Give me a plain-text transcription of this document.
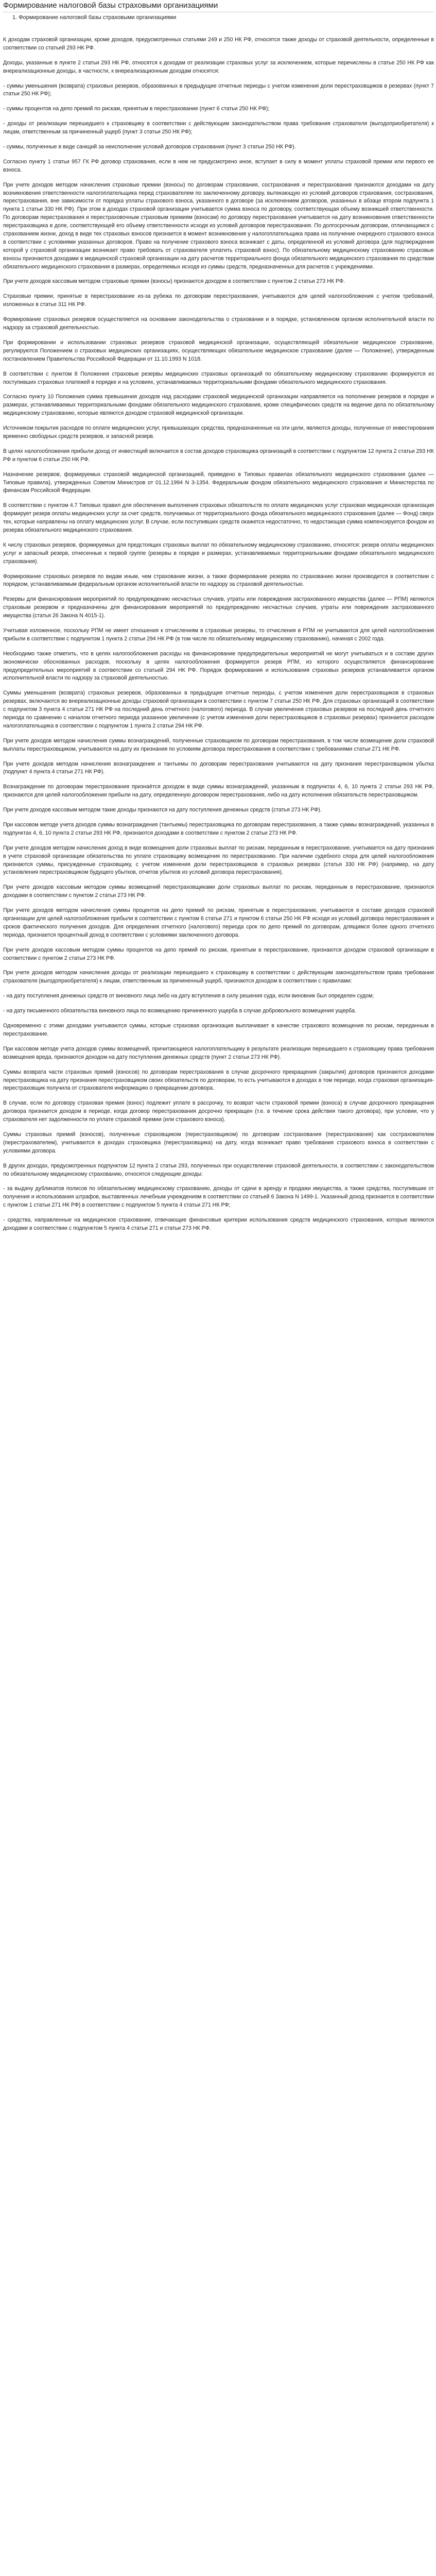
Формирование налоговой базы страховыми организациями
1. Формирование налоговой базы страховыми организациями

К доходам страховой организации, кроме доходов, предусмотренных статьями 249 и 250 НК РФ, относятся также доходы от страховой деятельности, определенные в соответствии со статьей 293 НК РФ.

Доходы, указанные в пункте 2 статьи 293 НК РФ, относятся к доходам от реализации страховых услуг за исключением, которые перечислены в статье 250 НК РФ как внереализационные доходы, в частности, к внереализационным доходам относятся:

- суммы уменьшения (возврата) страховых резервов, образованных в предыдущие отчетные периоды с учетом изменения доли перестраховщиков в резервах (пункт 7 статьи 250 НК РФ);

- суммы процентов на депо премий по рискам, принятым в перестрахование (пункт 6 статьи 250 НК РФ);

- доходы от реализации перешедшего к страховщику в соответствии с действующим законодательством права требования страхователя (выгодоприобретателя) к лицам, ответственным за причиненный ущерб (пункт 3 статьи 250 НК РФ);

- суммы, полученные в виде санкций за неисполнение условий договоров страхования (пункт 3 статьи 250 НК РФ).

Согласно пункту 1 статьи 957 ГК РФ договор страхования, если в нем не предусмотрено иное, вступает в силу в момент уплаты страховой премии или первого ее взноса.

При учете доходов методом начисления страховые премии (взносы) по договорам страхования, сострахования и перестрахования признаются доходами на дату возникновения ответственности налогоплательщика перед страхователем по заключенному договору, вытекающую из условий договоров страхования, сострахования, перестрахования, вне зависимости от порядка уплаты страхового взноса, указанного в договоре (за исключением договоров, указанных в абзаце втором подпункта 1 пункта 1 статьи 330 НК РФ). При этом в доходах страховой организации учитывается сумма взноса по договору, соответствующая объему возникшей ответственности. По договорам перестрахования и перестраховочным страховым премиям (взносам) по договору перестрахования учитывается на дату возникновения ответственности перестраховщика в доле, соответствующей его объему ответственности исходя из условий договоров перестрахования. По долгосрочным договорам, отличающимся с страхованием жизни, доход в виде тех страховых взносов признается в момент возникновения у налогоплательщика права на получение очередного страхового взноса в соответствии с условиями указанных договоров. Право на получение страхового взноса возникает с даты, определенной из условий договора (для подтверждения которой у страховой организации возникает право требовать от страхователя уплатить страховой взнос). По обязательному медицинскому страхованию страховые взносы признаются доходами в медицинской страховой организации на дату расчетов территориального фонда обязательного медицинского страхования по средствам обязательного медицинского страхования в размерах, определяемых исходя из суммы средств, предназначенных для расчетов с учреждениями.

При учете доходов кассовым методом страховые премии (взносы) признаются доходом в соответствии с пунктом 2 статьи 273 НК РФ.

Страховые премии, принятые в перестрахование из-за рубежа по договорам перестрахования, учитываются для целей налогообложения с учетом требований, изложенных в статье 311 НК РФ.

Формирование страховых резервов осуществляется на основании законодательства о страховании и в порядке, установленном органом исполнительной власти по надзору за страховой деятельностью.

При формировании и использовании страховых резервов страховой медицинской организации, осуществляющей обязательное медицинское страхование, регулируются Положением о страховых медицинских организациях, осуществляющих обязательное медицинское страхование (далее — Положение), утвержденным постановлением Правительства Российской Федерации от 11.10.1993 N 1018.

В соответствии с пунктом 8 Положения страховые резервы медицинских страховых организаций по обязательному медицинскому страхованию формируются из поступивших страховых платежей в порядке и на условиях, устанавливаемых территориальными фондами обязательного медицинского страхования.

Согласно пункту 10 Положения сумма превышения доходов над расходами страховой медицинской организации направляется на пополнение резервов в порядке и размерах, устанавливаемых территориальными фондами обязательного медицинского страхования, кроме специфических средств на ведение дела по обязательному медицинскому страхованию, которые являются доходом страховой медицинской организации.

Источником покрытия расходов по оплате медицинских услуг, превышающих средства, предназначенные на эти цели, являются доходы, полученные от инвестирования временно свободных средств резервов, и запасной резерв.

В целях налогообложения прибыли доход от инвестиций включается в состав доходов страховщика организаций в соответствии с подпунктом 12 пункта 2 статьи 293 НК РФ и пунктом 6 статьи 250 НК РФ.

Назначение резервов, формируемых страховой медицинской организацией, приведено в Типовых правилах обязательного медицинского страхования (далее — Типовые правила), утвержденных Советом Министров от 01.12.1994 N 3-1354. Федеральным фондом обязательного медицинского страхования и Министерства по финансам Российской Федерации.

В соответствии с пунктом 4.7 Типовых правил для обеспечения выполнения страховых обязательств по оплате медицинских услуг страховая медицинская организация формирует резерв оплаты медицинских услуг за счет средств, получаемых от территориального фонда обязательного медицинского страхования (далее — Фонд) сверх тех, которые направлены на оплату медицинских услуг. В случае, если поступивших средств окажется недостаточно, то недостающая сумма компенсируется фондом из резерва обязательного медицинского страхования.

К числу страховых резервов, формируемых для предстоящих страховых выплат по обязательному медицинскому страхованию, относятся: резерв оплаты медицинских услуг и запасный резерв, отнесенные к первой группе (резервы в порядке и размерах, устанавливаемых территориальными фондами обязательного медицинского страхования).

Формирование страховых резервов по видам иным, чем страхование жизни, а также формирование резерва по страхованию жизни производится в соответствии с порядком, устанавливаемым федеральным органом исполнительной власти по надзору за страховой деятельностью.

Резервы для финансирования мероприятий по предупреждению несчастных случаев, утраты или повреждения застрахованного имущества (далее — РПМ) являются страховым резервом и предназначены для финансирования мероприятий по предупреждению несчастных случаев, утраты или повреждения застрахованного имущества (статья 26 Закона N 4015-1).

Учитывая изложенное, поскольку РПМ не имеет отношения к отчислениям в страховые резервы, то отчисления в РПМ не учитываются для целей налогообложения прибыли в соответствии с подпунктом 1 пункта 2 статьи 294 НК РФ (в том числе по обязательному медицинскому страхованию), начиная с 2002 года.

Необходимо также отметить, что в целях налогообложения расходы на финансирование предупредительных мероприятий не могут учитываться и в составе других экономически обоснованных расходов, поскольку в целях налогообложения формируется резерв РПМ, из которого осуществляется финансирование предупредительных мероприятий в соответствии со статьей 294 НК РФ. Порядок формирования и использования страховых резервов устанавливается органом исполнительной власти по надзору за страховой деятельностью.

Суммы уменьшения (возврата) страховых резервов, образованных в предыдущие отчетные периоды, с учетом изменения доли перестраховщиков в страховых резервах, включаются во внереализационные доходы страховой организации в соответствии с пунктом 7 статьи 250 НК РФ. Для страховых организаций в соответствии с подпунктом 3 пункта 4 статьи 271 НК РФ на последний день отчетного (налогового) периода. В случае увеличения страховых резервов на последний день отчетного периода по сравнению с началом отчетного периода указанное увеличение (с учетом изменения доли перестраховщиков в страховых резервах) признается расходом налогоплательщика в соответствии с подпунктом 1 пункта 2 статьи 294 НК РФ.

При учете доходов методом начисления суммы вознаграждений, полученные страховщиком по договорам перестрахования, в том числе возмещение доли страховой выплаты перестраховщиком, учитываются на дату их признания по условиям договора перестрахования в соответствии с требованиями статьи 271 НК РФ.

При учете доходов методом начисления вознаграждение и тантьемы по договорам перестрахования учитываются на дату признания перестраховщиком убытка (подпункт 4 пункта 4 статьи 271 НК РФ).

Вознаграждение по договорам перестрахования признаётся доходом в виде суммы вознаграждений, указанным в подпунктах 4, 6, 10 пункта 2 статьи 293 НК РФ, признаются для целей налогообложения прибыли на дату, определенную договором перестрахования, либо на дату исполнения обязательств перестраховщиком.

При учете доходов кассовым методом такие доходы признаются на дату поступления денежных средств (статья 273 НК РФ).

При кассовом методе учета доходов суммы вознаграждения (тантьемы) перестраховщика по договорам перестрахования, а также суммы вознаграждений, указанных в подпунктах 4, 6, 10 пункта 2 статьи 293 НК РФ, признаются доходами в соответствии с пунктом 2 статьи 273 НК РФ.

При учете доходов методом начисления доход в виде возмещения доли страховых выплат по рискам, переданным в перестрахование, учитывается на дату признания в учете страховой организации обязательства по уплате страховщику возмещения по перестрахованию. При наличии судебного спора для целей налогообложения признаются суммы, присужденные страховщику, с учетом изменения доли перестраховщиков в страховых резервах (статья 330 НК РФ) (например, на дату установления перестраховщиком будущего убытков, отчетов убытков из условий договора перестрахования).

При учете доходов кассовым методом суммы возмещений перестраховщиками доли страховых выплат по рискам, переданным в перестрахование, признаются доходами в соответствии с пунктом 2 статьи 273 НК РФ.

При учете доходов методом начисления суммы процентов на депо премий по рискам, принятым в перестрахование, учитываются в составе доходов страховой организации для целей налогообложения прибыли в соответствии с пунктом 6 статьи 271 и пунктом 6 статьи 250 НК РФ исходя из условий договора перестрахования и сроков фактического получения доходов. Для определения отчетного (налогового) периода срок по депо премий по договорам, длящимся более одного отчетного периода, признается процентный доход в соответствии с условиями заключенного договора.

При учете доходов кассовым методом суммы процентов на депо премий по рискам, принятым в перестрахование, признаются доходом страховой организации в соответствии с пунктом 2 статьи 273 НК РФ.

При учете доходов методом начисления доходы от реализации перешедшего к страховщику в соответствии с действующим законодательством права требования страхователя (выгодоприобретателя) к лицам, ответственным за причиненный ущерб, признаются доходом в соответствии с правилами:

- на дату поступления денежных средств от виновного лица либо на дату вступления в силу решения суда, если виновник был определен судом;

- на дату письменного обязательства виновного лица по возмещению причиненного ущерба в случае добровольного возмещения ущерба.

Одновременно с этими доходами учитываются суммы, которые страховая организация выплачивает в качестве страхового возмещения по рискам, переданным в перестрахование.

При кассовом методе учета доходов суммы возмещений, причитающиеся налогоплательщику в результате реализации перешедшего к страховщику права требования возмещения вреда, признаются доходом на дату поступления денежных средств (пункт 2 статьи 273 НК РФ).

Суммы возврата части страховых премий (взносов) по договорам перестрахования в случае досрочного прекращения (закрытия) договоров признаются доходами перестраховщика на дату признания перестраховщиком своих обязательств по договорам, то есть учитываются в доходах в том периоде, когда страховая организация-перестраховщик получила от страхователя информацию о прекращении договора.

В случае, если по договору страховая премия (взнос) подлежит уплате в рассрочку, то возврат части страховой премии (взноса) в случае досрочного прекращения договора признается доходом в периоде, когда договор перестрахования досрочно прекращен (т.е. в течение срока действия такого договора), при условии, что у страхователя нет задолженности по уплате страховой премии (или страхового взноса).

Суммы страховых премий (взносов), полученные страховщиком (перестраховщиком) по договорам сострахования (перестрахования) как сострахователем (перестрахователем), учитываются в доходах страховщика (перестраховщика) на дату, когда возникает право требования страхового взноса в соответствии с условиями договора.

В других доходах, предусмотренных подпунктом 12 пункта 2 статьи 293, полученных при осуществлении страховой деятельности, в соответствии с законодательством по обязательному медицинскому страхованию, относятся следующие доходы:

- за выдачу дубликатов полисов по обязательному медицинскому страхованию, доходы от сдачи в аренду и продажи имущества, а также средства, поступившие от получения и использования штрафов, выставленных лечебным учреждениям в соответствии со статьей 6 Закона N 1499-1. Указанный доход признается в соответствии с пунктом 1 статьи 271 НК РФ) в соответствии с подпунктом 5 пункта 4 статьи 271 НК РФ;

- средства, направленные на медицинское страхование, отвечающие финансовые критерии использования средств медицинского страхования, которые являются доходами в соответствии с подпунктом 5 пункта 4 статьи 271 и статьи 273 НК РФ.
